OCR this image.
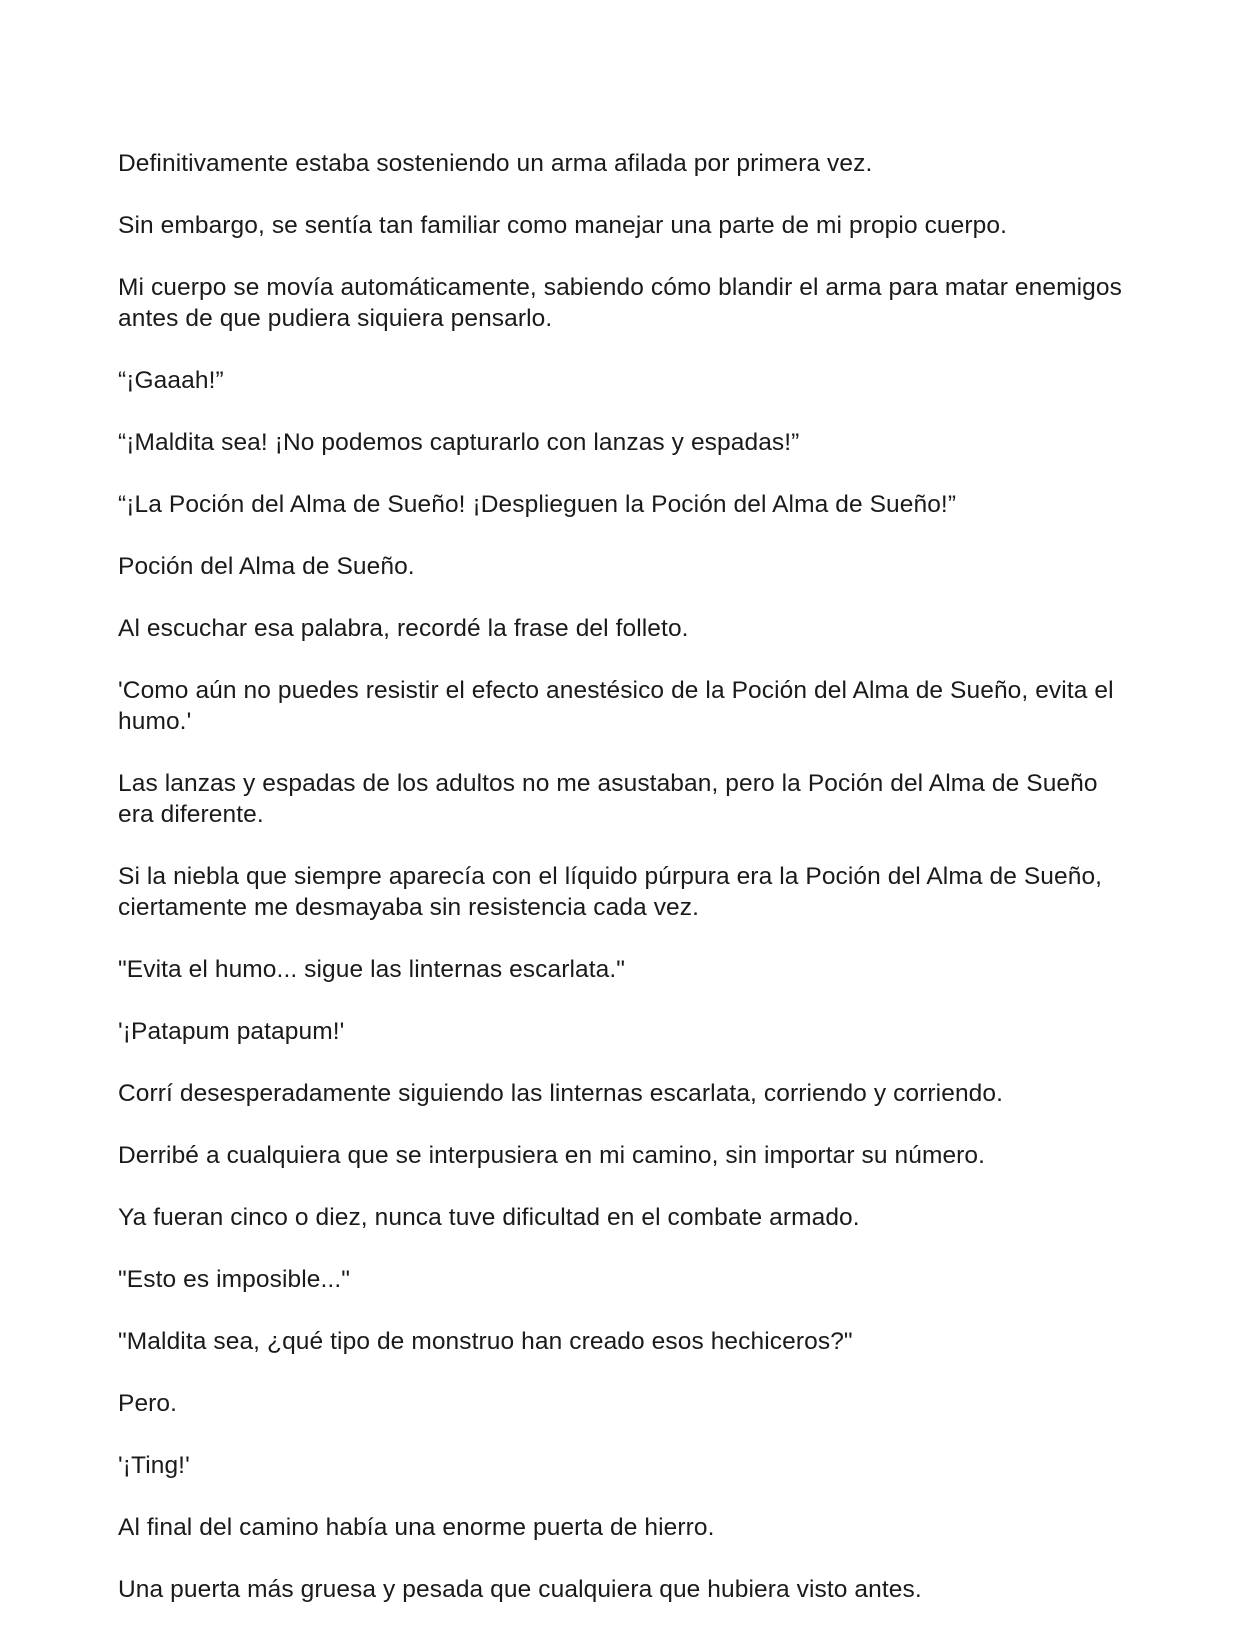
Definitivamente estaba sosteniendo un arma afilada por primera vez.

Sin embargo, se sentía tan familiar como manejar una parte de mi propio cuerpo.

Mi cuerpo se movía automáticamente, sabiendo cómo blandir el arma para matar enemigos antes de que pudiera siquiera pensarlo.

“¡Gaaah!”

“¡Maldita sea! ¡No podemos capturarlo con lanzas y espadas!”

“¡La Poción del Alma de Sueño! ¡Desplieguen la Poción del Alma de Sueño!”

Poción del Alma de Sueño.

Al escuchar esa palabra, recordé la frase del folleto.

'Como aún no puedes resistir el efecto anestésico de la Poción del Alma de Sueño, evita el humo.'

Las lanzas y espadas de los adultos no me asustaban, pero la Poción del Alma de Sueño era diferente.

Si la niebla que siempre aparecía con el líquido púrpura era la Poción del Alma de Sueño, ciertamente me desmayaba sin resistencia cada vez.

"Evita el humo... sigue las linternas escarlata."

'¡Patapum patapum!'

Corrí desesperadamente siguiendo las linternas escarlata, corriendo y corriendo.

Derribé a cualquiera que se interpusiera en mi camino, sin importar su número.

Ya fueran cinco o diez, nunca tuve dificultad en el combate armado.

"Esto es imposible..."

"Maldita sea, ¿qué tipo de monstruo han creado esos hechiceros?"

Pero.

'¡Ting!'

Al final del camino había una enorme puerta de hierro.

Una puerta más gruesa y pesada que cualquiera que hubiera visto antes.
